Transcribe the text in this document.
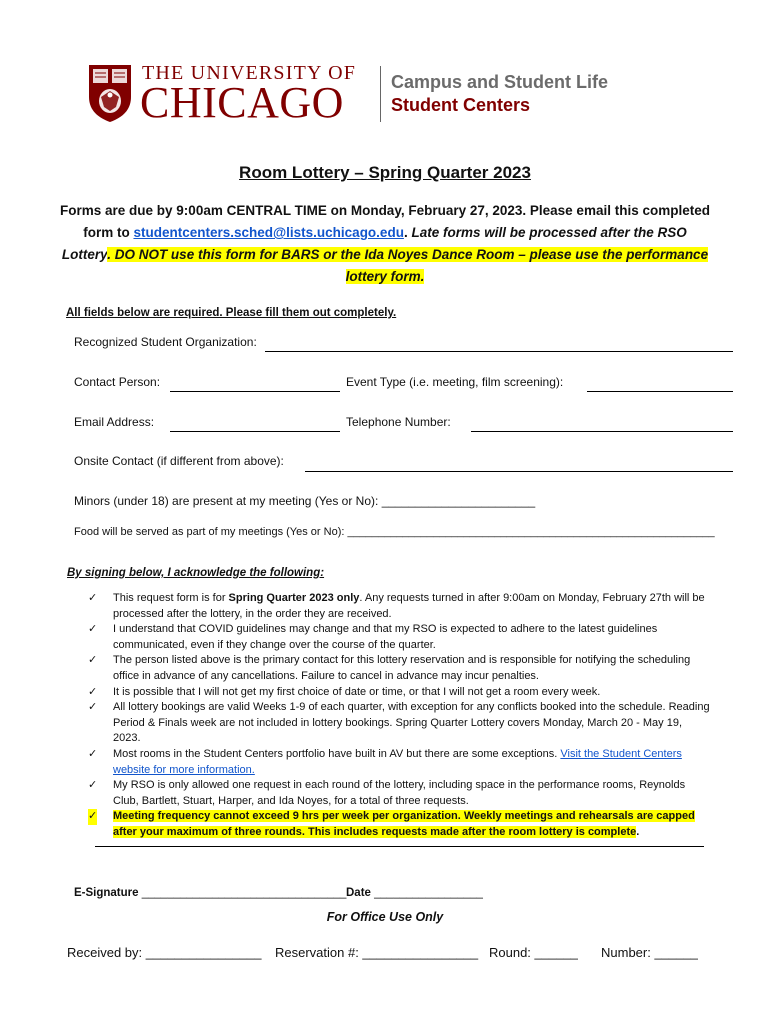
THE UNIVERSITY OF
CHICAGO	Campus and Student Life
Student Centers
Room Lottery – Spring Quarter 2023
Forms are due by 9:00am CENTRAL TIME on Monday, February 27, 2023. Please email this completed form to studentcenters.sched@lists.uchicago.edu. Late forms will be processed after the RSO Lottery. DO NOT use this form for BARS or the Ida Noyes Dance Room – please use the performance lottery form.
All fields below are required. Please fill them out completely.
Recognized Student Organization:
Contact Person:	Event Type (i.e. meeting, film screening):
Email Address:	Telephone Number:
Onsite Contact (if different from above):
Minors (under 18) are present at my meeting (Yes or No): _______________________
Food will be served as part of my meetings (Yes or No): ____________________________________________________________
By signing below, I acknowledge the following:
✓ This request form is for Spring Quarter 2023 only. Any requests turned in after 9:00am on Monday, February 27th will be processed after the lottery, in the order they are received.
✓ I understand that COVID guidelines may change and that my RSO is expected to adhere to the latest guidelines communicated, even if they change over the course of the quarter.
✓ The person listed above is the primary contact for this lottery reservation and is responsible for notifying the scheduling office in advance of any cancellations. Failure to cancel in advance may incur penalties.
✓ It is possible that I will not get my first choice of date or time, or that I will not get a room every week.
✓ All lottery bookings are valid Weeks 1-9 of each quarter, with exception for any conflicts booked into the schedule. Reading Period & Finals week are not included in lottery bookings. Spring Quarter Lottery covers Monday, March 20 - May 19, 2023.
✓ Most rooms in the Student Centers portfolio have built in AV but there are some exceptions. Visit the Student Centers website for more information.
✓ My RSO is only allowed one request in each round of the lottery, including space in the performance rooms, Reynolds Club, Bartlett, Stuart, Harper, and Ida Noyes, for a total of three requests.
✓ Meeting frequency cannot exceed 9 hrs per week per organization. Weekly meetings and rehearsals are capped after your maximum of three rounds. This includes requests made after the room lottery is complete.
E-Signature ________________________________ Date _________________
For Office Use Only
Received by: ________________ Reservation #: ________________ Round: ______ Number: ______
